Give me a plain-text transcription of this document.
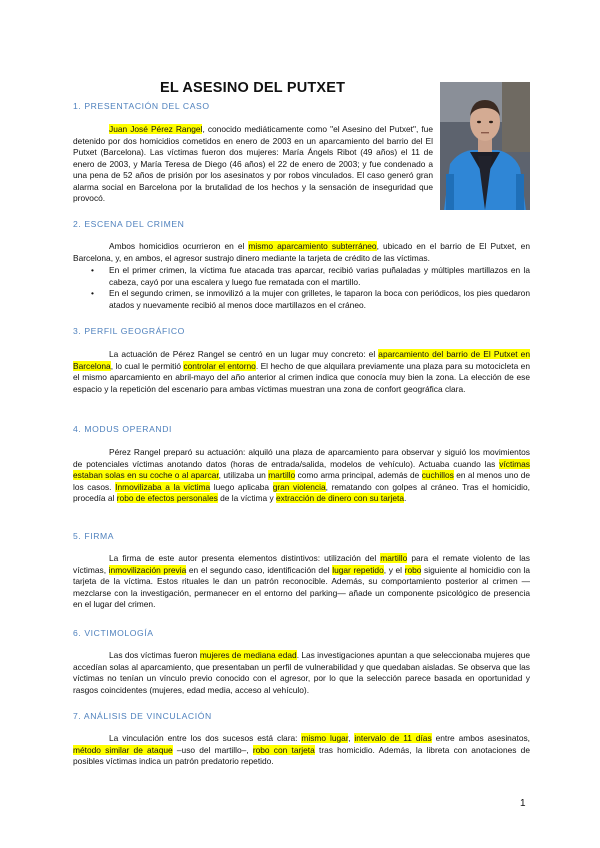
EL ASESINO DEL PUTXET
1. PRESENTACIÓN DEL CASO

Juan José Pérez Rangel, conocido mediáticamente como "el Asesino del Putxet", fue detenido por dos homicidios cometidos en enero de 2003 en un aparcamiento del barrio del El Putxet (Barcelona). Las víctimas fueron dos mujeres: María Ángels Ribot (49 años) el 11 de enero de 2003, y María Teresa de Diego (46 años) el 22 de enero de 2003; y fue condenado a una pena de 52 años de prisión por los asesinatos y por robos vinculados. El caso generó gran alarma social en Barcelona por la brutalidad de los hechos y la sensación de inseguridad que provocó.

2. ESCENA DEL CRIMEN

Ambos homicidios ocurrieron en el mismo aparcamiento subterráneo, ubicado en el barrio de El Putxet, en Barcelona, y, en ambos, el agresor sustrajo dinero mediante la tarjeta de crédito de las víctimas.

• En el primer crimen, la víctima fue atacada tras aparcar, recibió varias puñaladas y múltiples martillazos en la cabeza, cayó por una escalera y luego fue rematada con el martillo.
• En el segundo crimen, se inmovilizó a la mujer con grilletes, le taparon la boca con periódicos, los pies quedaron atados y nuevamente recibió al menos doce martillazos en el cráneo.
3. PERFIL GEOGRÁFICO

La actuación de Pérez Rangel se centró en un lugar muy concreto: el aparcamiento del barrio de El Putxet en Barcelona, lo cual le permitió controlar el entorno. El hecho de que alquilara previamente una plaza para su motocicleta en el mismo aparcamiento en abril-mayo del año anterior al crimen indica que conocía muy bien la zona. La elección de ese espacio y la repetición del escenario para ambas víctimas muestran una zona de confort geográfica clara.

4. MODUS OPERANDI

Pérez Rangel preparó su actuación: alquiló una plaza de aparcamiento para observar y siguió los movimientos de potenciales víctimas anotando datos (horas de entrada/salida, modelos de vehículo). Actuaba cuando las víctimas estaban solas en su coche o al aparcar, utilizaba un martillo como arma principal, además de cuchillos en al menos uno de los casos. Inmovilizaba a la víctima luego aplicaba gran violencia, rematando con golpes al cráneo. Tras el homicidio, procedía al robo de efectos personales de la víctima y extracción de dinero con su tarjeta.

5. FIRMA

La firma de este autor presenta elementos distintivos: utilización del martillo para el remate violento de las víctimas, inmovilización previa en el segundo caso, identificación del lugar repetido, y el robo siguiente al homicidio con la tarjeta de la víctima. Estos rituales le dan un patrón reconocible. Además, su comportamiento posterior al crimen —mezclarse con la investigación, permanecer en el entorno del parking— añade un componente psicológico de presencia en el lugar del crimen.

6. VICTIMOLOGÍA

Las dos víctimas fueron mujeres de mediana edad. Las investigaciones apuntan a que seleccionaba mujeres que accedían solas al aparcamiento, que presentaban un perfil de vulnerabilidad y que quedaban aisladas. Se observa que las víctimas no tenían un vínculo previo conocido con el agresor, por lo que la selección parece basada en oportunidad y rasgos coincidentes (mujeres, edad media, acceso al vehículo).

7. ANÁLISIS DE VINCULACIÓN

La vinculación entre los dos sucesos está clara: mismo lugar, intervalo de 11 días entre ambos asesinatos, método similar de ataque –uso del martillo–, robo con tarjeta tras homicidio. Además, la libreta con anotaciones de posibles víctimas indica un patrón predatorio repetido.

1
